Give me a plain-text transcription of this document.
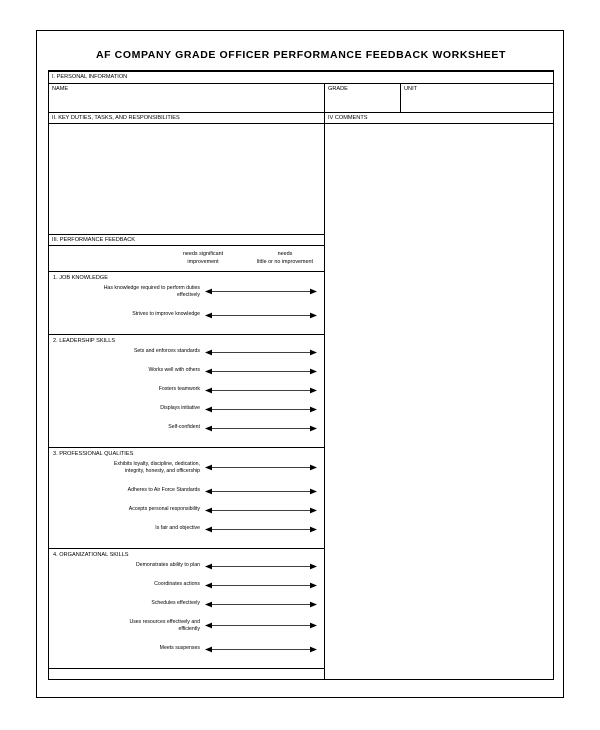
AF COMPANY GRADE OFFICER PERFORMANCE FEEDBACK WORKSHEET
I. PERSONAL INFORMATION
NAME	GRADE	UNIT
II. KEY DUTIES, TASKS, AND RESPONSIBILITIES
III. PERFORMANCE FEEDBACK
needs significant
improvement
needs
little or no improvement
1. JOB KNOWLEDGE
Has knowledge required to perform duties
effectively
Strives to improve knowledge
2. LEADERSHIP SKILLS
Sets and enforces standards
Works well with others
Fosters teamwork
Displays initiative
Self-confident
3. PROFESSIONAL QUALITIES
Exhibits loyalty, discipline, dedication,
integrity, honesty, and officership
Adheres to Air Force Standards
Accepts personal responsibility
Is fair and objective
4. ORGANIZATIONAL SKILLS
Demonstrates ability to plan
Coordinates actions
Schedules effectively
Uses resources effectively and
efficiently
Meets suspenses
IV COMMENTS
